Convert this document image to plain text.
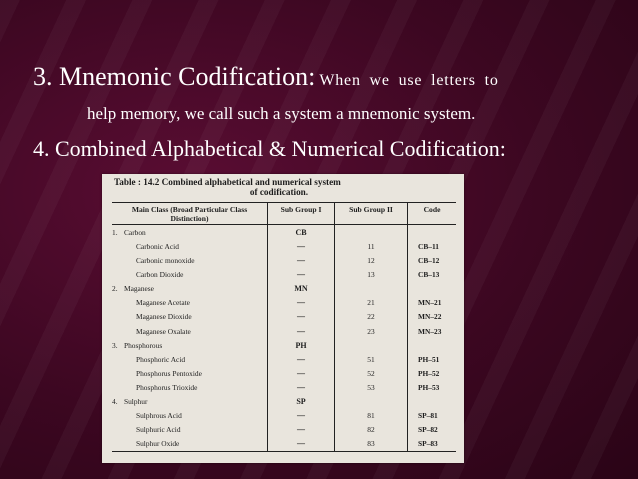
3. Mnemonic Codification: When we use letters to
help memory, we call such a system a mnemonic system.
4. Combined Alphabetical & Numerical Codification:
Table : 14.2 Combined alphabetical and numerical system
of codification.
Main Class (Broad Particular Class Distinction)	Sub Group I	Sub Group II	Code
1. Carbon	CB		
Carbonic Acid	—	11	CB–11
Carbonic monoxide	—	12	CB–12
Carbon Dioxide	—	13	CB–13
2. Maganese	MN		
Maganese Acetate	—	21	MN–21
Maganese Dioxide	—	22	MN–22
Maganese Oxalate	—	23	MN–23
3. Phosphorous	PH		
Phosphoric Acid	—	51	PH–51
Phosphorus Pentoxide	—	52	PH–52
Phosphorus Trioxide	—	53	PH–53
4. Sulphur	SP		
Sulphrous Acid	—	81	SP–81
Sulphuric Acid	—	82	SP–82
Sulphur Oxide	—	83	SP–83
